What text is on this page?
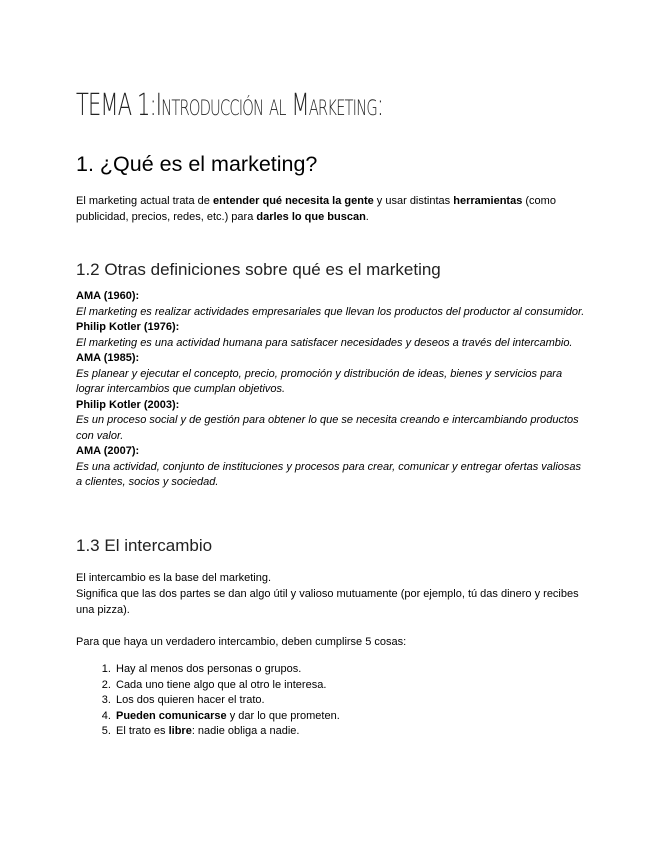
TEMA 1:Introducción al Marketing:
1. ¿Qué es el marketing?
El marketing actual trata de entender qué necesita la gente y usar distintas herramientas (como publicidad, precios, redes, etc.) para darles lo que buscan.
1.2 Otras definiciones sobre qué es el marketing
AMA (1960):
El marketing es realizar actividades empresariales que llevan los productos del productor al consumidor.
Philip Kotler (1976):
El marketing es una actividad humana para satisfacer necesidades y deseos a través del intercambio.
AMA (1985):
Es planear y ejecutar el concepto, precio, promoción y distribución de ideas, bienes y servicios para lograr intercambios que cumplan objetivos.
Philip Kotler (2003):
Es un proceso social y de gestión para obtener lo que se necesita creando e intercambiando productos con valor.
AMA (2007):
Es una actividad, conjunto de instituciones y procesos para crear, comunicar y entregar ofertas valiosas a clientes, socios y sociedad.
1.3 El intercambio
El intercambio es la base del marketing.
Significa que las dos partes se dan algo útil y valioso mutuamente (por ejemplo, tú das dinero y recibes una pizza).
Para que haya un verdadero intercambio, deben cumplirse 5 cosas:
1. Hay al menos dos personas o grupos.
2. Cada uno tiene algo que al otro le interesa.
3. Los dos quieren hacer el trato.
4. Pueden comunicarse y dar lo que prometen.
5. El trato es libre: nadie obliga a nadie.
